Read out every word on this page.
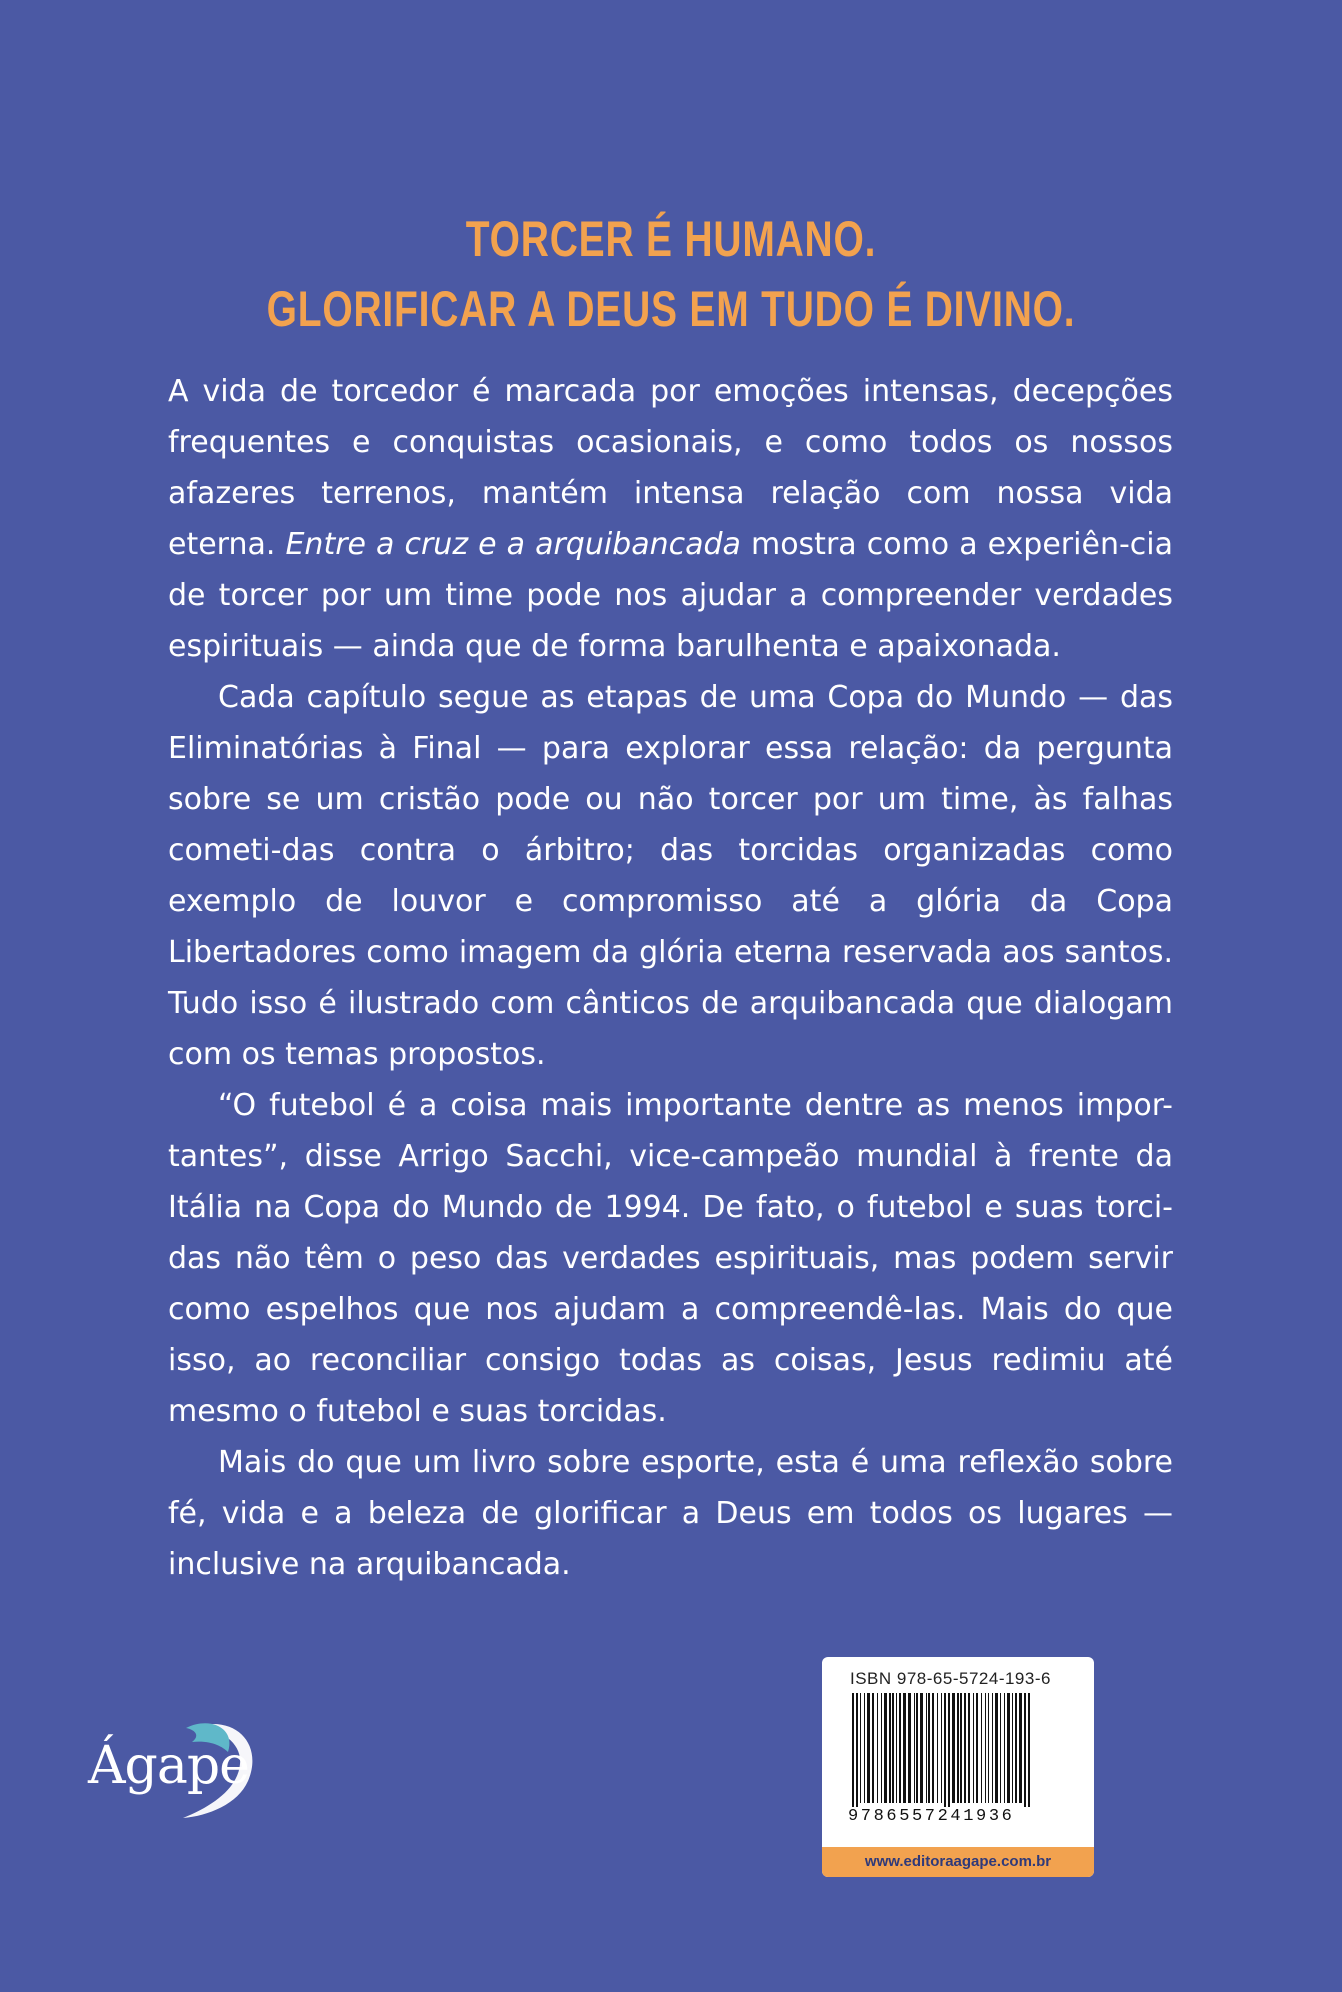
TORCER É HUMANO.
GLORIFICAR A DEUS EM TUDO É DIVINO.

A vida de torcedor é marcada por emoções intensas, decepções frequentes e conquistas ocasionais, e como todos os nossos afazeres terrenos, mantém intensa relação com nossa vida eterna. Entre a cruz e a arquibancada mostra como a experiên-cia de torcer por um time pode nos ajudar a compreender verdades espirituais — ainda que de forma barulhenta e apaixonada.

Cada capítulo segue as etapas de uma Copa do Mundo — das Eliminatórias à Final — para explorar essa relação: da pergunta sobre se um cristão pode ou não torcer por um time, às falhas cometi-das contra o árbitro; das torcidas organizadas como exemplo de louvor e compromisso até a glória da Copa Libertadores como imagem da glória eterna reservada aos santos. Tudo isso é ilustrado com cânticos de arquibancada que dialogam com os temas propostos.

“O futebol é a coisa mais importante dentre as menos impor-tantes”, disse Arrigo Sacchi, vice-campeão mundial à frente da Itália na Copa do Mundo de 1994. De fato, o futebol e suas torci-das não têm o peso das verdades espirituais, mas podem servir como espelhos que nos ajudam a compreendê-las. Mais do que isso, ao reconciliar consigo todas as coisas, Jesus redimiu até mesmo o futebol e suas torcidas.

Mais do que um livro sobre esporte, esta é uma reflexão sobre fé, vida e a beleza de glorificar a Deus em todos os lugares — inclusive na arquibancada.

Ágape
ISBN 978-65-5724-193-6
9786557241936
www.editoraagape.com.br
